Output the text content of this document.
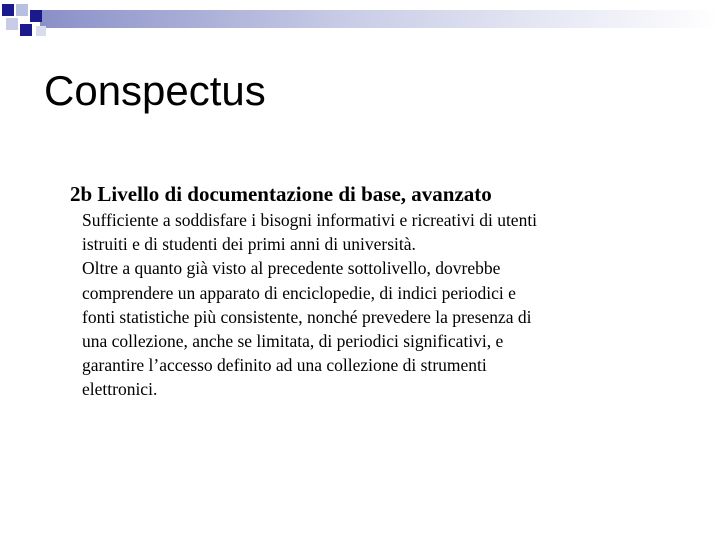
Conspectus

2b Livello di documentazione di base, avanzato

Sufficiente a soddisfare i bisogni informativi e ricreativi di utenti
istruiti e di studenti dei primi anni di università.
Oltre a quanto già visto al precedente sottolivello, dovrebbe
comprendere un apparato di enciclopedie, di indici periodici e
fonti statistiche più consistente, nonché prevedere la presenza di
una collezione, anche se limitata, di periodici significativi, e
garantire l’accesso definito ad una collezione di strumenti
elettronici.
